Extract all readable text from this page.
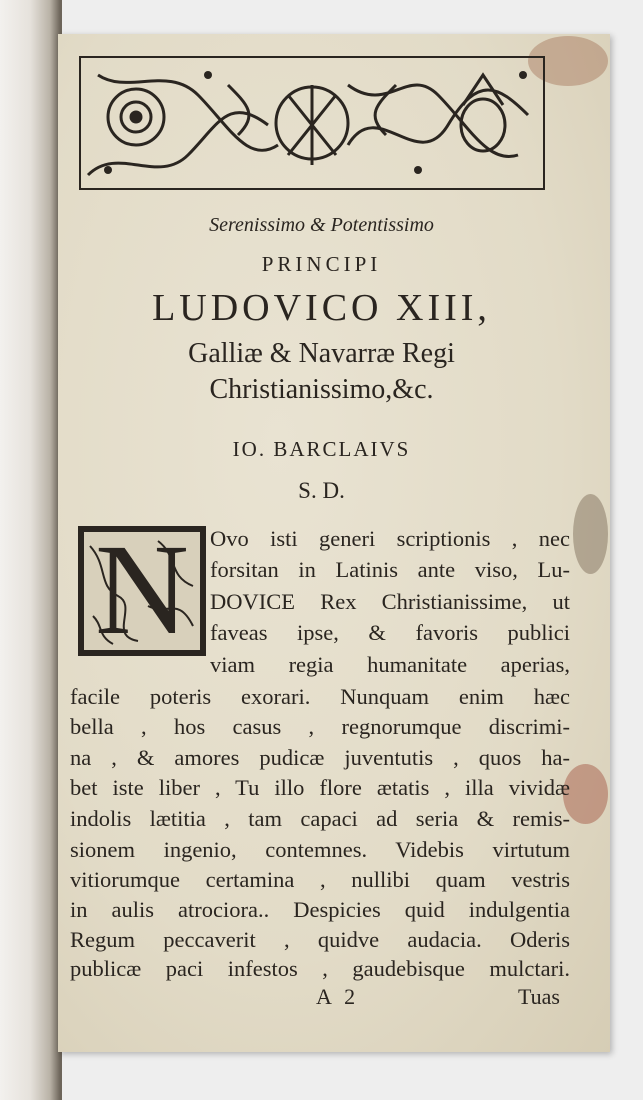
Serenissimo & Potentissimo
PRINCIPI
LUDOVICO XIII,
Galliæ & Navarræ Regi
Christianissimo,&c.
IO. BARCLAIVS
S. D.
N Ovo isti generi scriptionis , nec
forsitan in Latinis ante viso, Lu-
DOVICE Rex Christianissime, ut
faveas ipse, & favoris publici
viam regia humanitate aperias,
facile poteris exorari. Nunquam enim hæc
bella , hos casus , regnorumque discrimi-
na , & amores pudicæ juventutis , quos ha-
bet iste liber , Tu illo flore ætatis , illa vividæ
indolis lætitia , tam capaci ad seria & remis-
sionem ingenio, contemnes. Videbis virtutum
vitiorumque certamina , nullibi quam vestris
in aulis atrociora.. Despicies quid indulgentia
Regum peccaverit , quidve audacia. Oderis
publicæ paci infestos , gaudebisque mulctari.
A 2	Tuas
